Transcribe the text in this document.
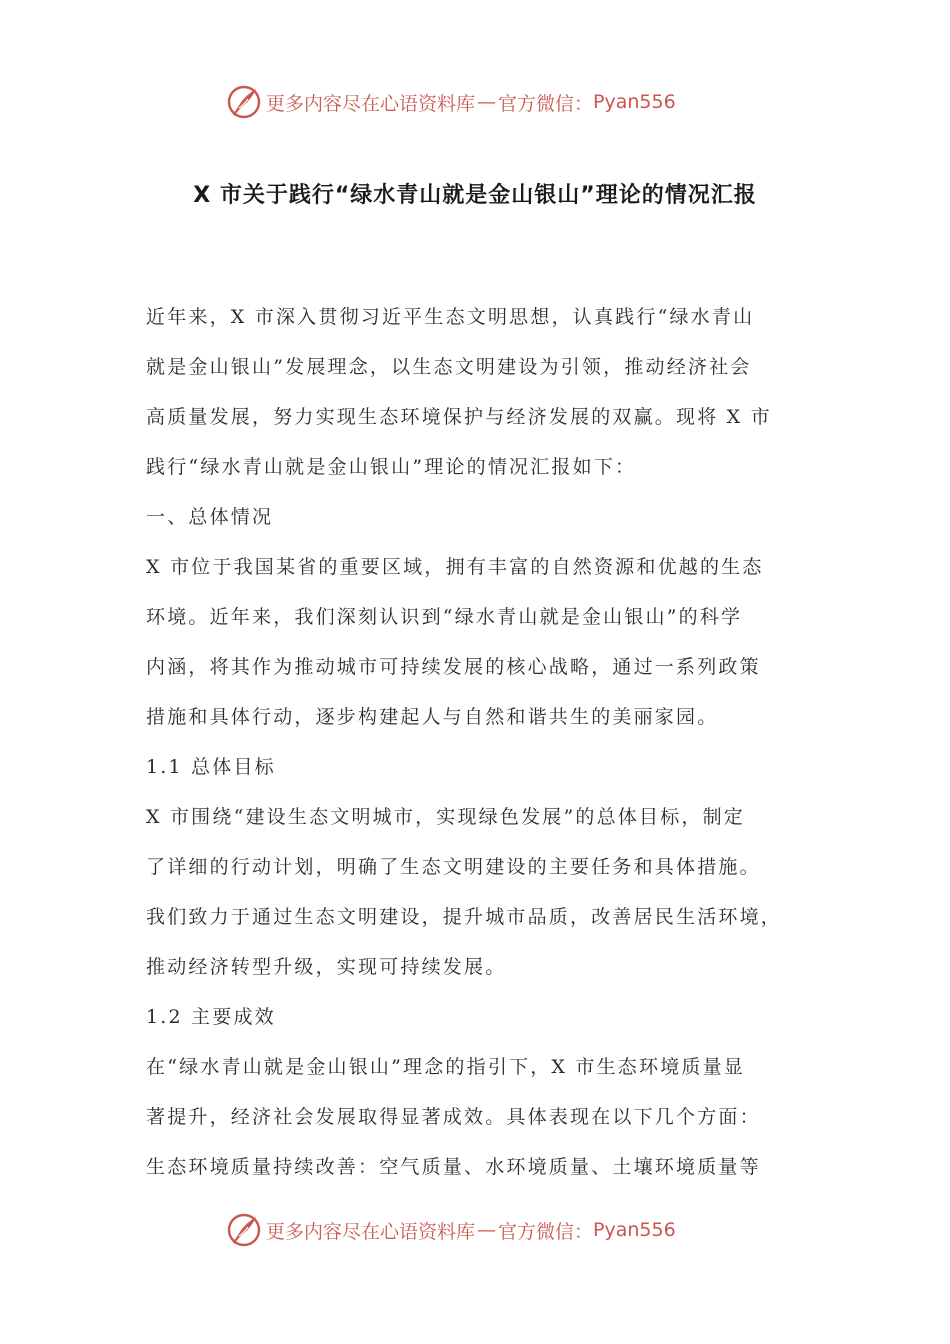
更多内容尽在心语资料库 — 官方微信： Pyan556
X 市关于践行“绿水青山就是金山银山”理论的情况汇报
近年来，X 市深入贯彻习近平生态文明思想，认真践行“绿水青山
就是金山银山”发展理念，以生态文明建设为引领，推动经济社会
高质量发展，努力实现生态环境保护与经济发展的双赢。现将 X 市
践行“绿水青山就是金山银山”理论的情况汇报如下：
一、总体情况
X 市位于我国某省的重要区域，拥有丰富的自然资源和优越的生态
环境。近年来，我们深刻认识到“绿水青山就是金山银山”的科学
内涵，将其作为推动城市可持续发展的核心战略，通过一系列政策
措施和具体行动，逐步构建起人与自然和谐共生的美丽家园。
1.1 总体目标
X 市围绕“建设生态文明城市，实现绿色发展”的总体目标，制定
了详细的行动计划，明确了生态文明建设的主要任务和具体措施。
我们致力于通过生态文明建设，提升城市品质，改善居民生活环境，
推动经济转型升级，实现可持续发展。
1.2 主要成效
在“绿水青山就是金山银山”理念的指引下，X 市生态环境质量显
著提升，经济社会发展取得显著成效。具体表现在以下几个方面：
生态环境质量持续改善：空气质量、水环境质量、土壤环境质量等
更多内容尽在心语资料库 — 官方微信： Pyan556
